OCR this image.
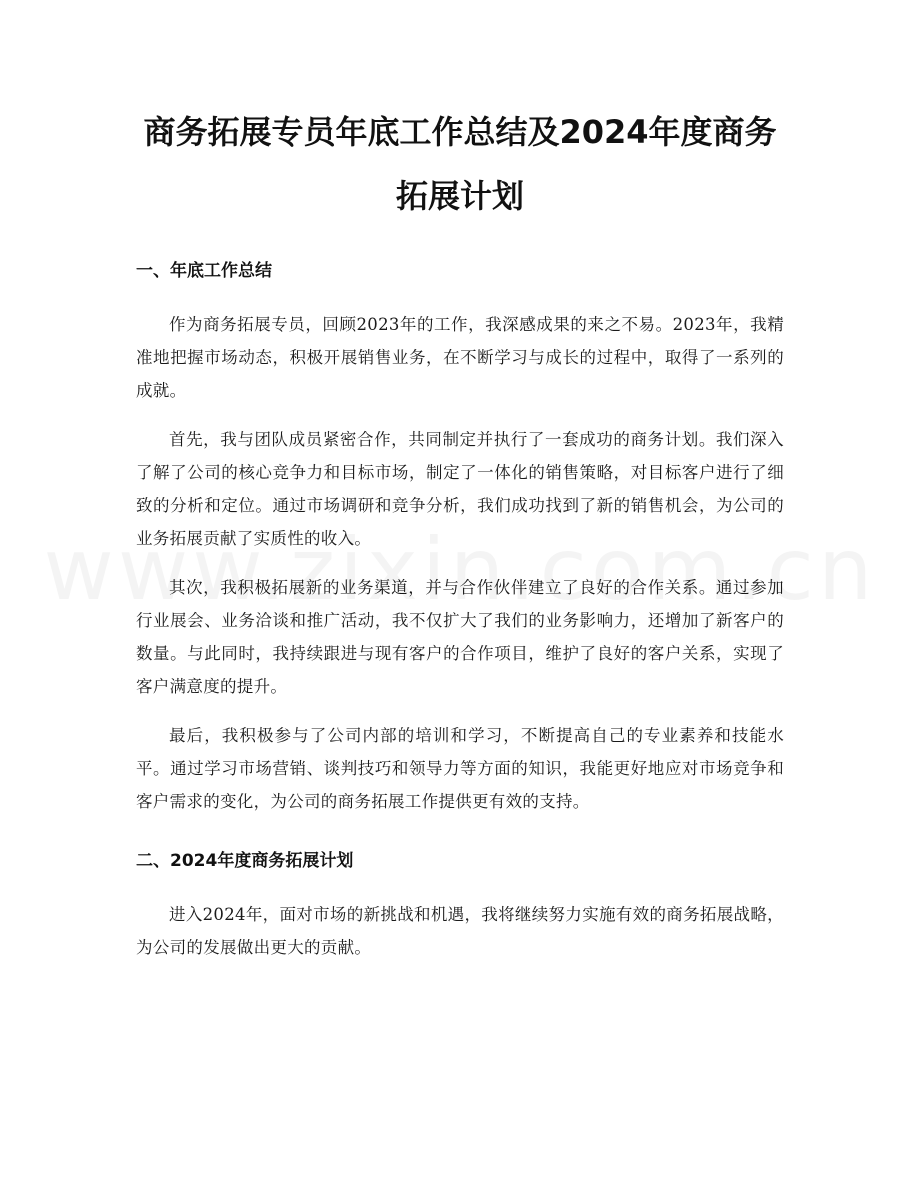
商务拓展专员年底工作总结及2024年度商务拓展计划
一、年底工作总结

作为商务拓展专员，回顾2023年的工作，我深感成果的来之不易。2023年，我精准地把握市场动态，积极开展销售业务，在不断学习与成长的过程中，取得了一系列的成就。

首先，我与团队成员紧密合作，共同制定并执行了一套成功的商务计划。我们深入了解了公司的核心竞争力和目标市场，制定了一体化的销售策略，对目标客户进行了细致的分析和定位。通过市场调研和竞争分析，我们成功找到了新的销售机会，为公司的业务拓展贡献了实质性的收入。

其次，我积极拓展新的业务渠道，并与合作伙伴建立了良好的合作关系。通过参加行业展会、业务洽谈和推广活动，我不仅扩大了我们的业务影响力，还增加了新客户的数量。与此同时，我持续跟进与现有客户的合作项目，维护了良好的客户关系，实现了客户满意度的提升。

最后，我积极参与了公司内部的培训和学习，不断提高自己的专业素养和技能水平。通过学习市场营销、谈判技巧和领导力等方面的知识，我能更好地应对市场竞争和客户需求的变化，为公司的商务拓展工作提供更有效的支持。

二、2024年度商务拓展计划

进入2024年，面对市场的新挑战和机遇，我将继续努力实施有效的商务拓展战略，为公司的发展做出更大的贡献。
